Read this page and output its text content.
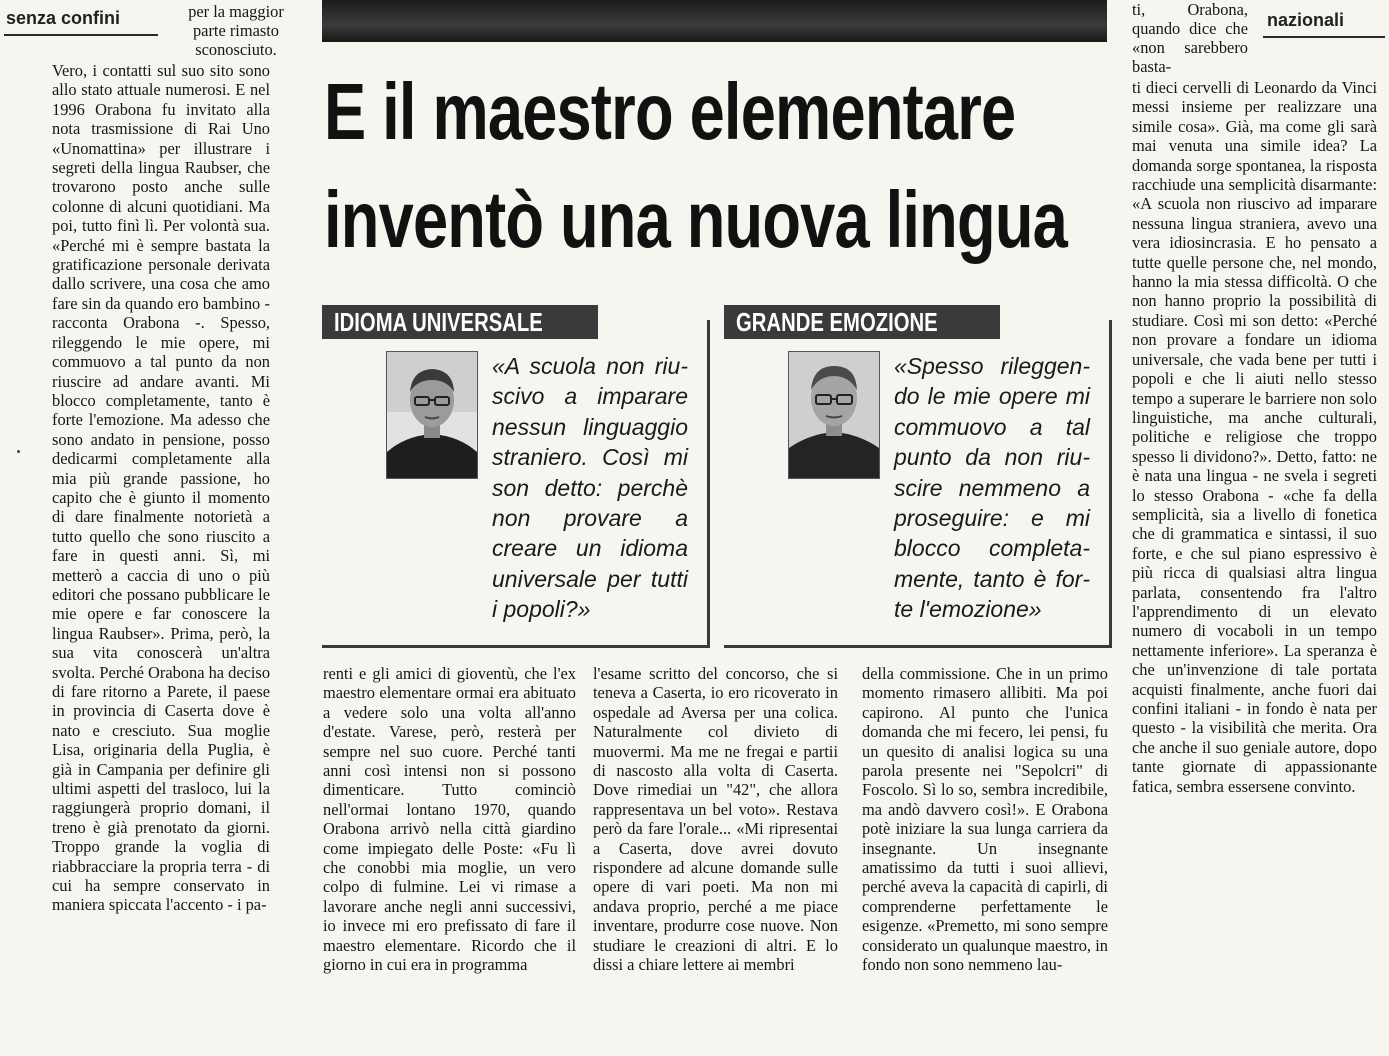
senza confini	nazionali
E il maestro elementare
inventò una nuova lingua

per la maggior parte rimasto sconosciuto.

Vero, i contatti sul suo sito sono allo stato attuale numerosi. E nel 1996 Orabona fu invitato alla nota trasmissione di Rai Uno «Unomattina» per illustrare i segreti della lingua Raubser, che trovarono posto anche sulle colonne di alcuni quotidiani. Ma poi, tutto finì lì. Per volontà sua. «Perché mi è sempre bastata la gratificazione personale derivata dallo scrivere, una cosa che amo fare sin da quando ero bambino - racconta Orabona -. Spesso, rileggendo le mie opere, mi commuovo a tal punto da non riuscire ad andare avanti. Mi blocco completamente, tanto è forte l'emozione. Ma adesso che sono andato in pensione, posso dedicarmi completamente alla mia più grande passione, ho capito che è giunto il momento di dare finalmente notorietà a tutto quello che sono riuscito a fare in questi anni. Sì, mi metterò a caccia di uno o più editori che possano pubblicare le mie opere e far conoscere la lingua Raubser». Prima, però, la sua vita conoscerà un'altra svolta. Perché Orabona ha deciso di fare ritorno a Parete, il paese in provincia di Caserta dove è nato e cresciuto. Sua moglie Lisa, originaria della Puglia, è già in Campania per definire gli ultimi aspetti del trasloco, lui la raggiungerà proprio domani, il treno è già prenotato da giorni. Troppo grande la voglia di riabbracciare la propria terra - di cui ha sempre conservato in maniera spiccata l'accento - i pa-

IDIOMA UNIVERSALE

«A scuola non riuscivo a imparare nessun linguaggio straniero. Così mi son detto: perchè non provare a creare un idioma universale per tutti i popoli?»

GRANDE EMOZIONE

«Spesso rileggendo le mie opere mi commuovo a tal punto da non riuscire nemmeno a proseguire: e mi blocco completamente, tanto è forte l'emozione»

renti e gli amici di gioventù, che l'ex maestro elementare ormai era abituato a vedere solo una volta all'anno d'estate. Varese, però, resterà per sempre nel suo cuore. Perché tanti anni così intensi non si possono dimenticare. Tutto cominciò nell'ormai lontano 1970, quando Orabona arrivò nella città giardino come impiegato delle Poste: «Fu lì che conobbi mia moglie, un vero colpo di fulmine. Lei vi rimase a lavorare anche negli anni successivi, io invece mi ero prefissato di fare il maestro elementare. Ricordo che il giorno in cui era in programma

l'esame scritto del concorso, che si teneva a Caserta, io ero ricoverato in ospedale ad Aversa per una colica. Naturalmente col divieto di muovermi. Ma me ne fregai e partii di nascosto alla volta di Caserta. Dove rimediai un "42", che allora rappresentava un bel voto». Restava però da fare l'orale... «Mi ripresentai a Caserta, dove avrei dovuto rispondere ad alcune domande sulle opere di vari poeti. Ma non mi andava proprio, perché a me piace inventare, produrre cose nuove. Non studiare le creazioni di altri. E lo dissi a chiare lettere ai membri

della commissione. Che in un primo momento rimasero allibiti. Ma poi capirono. Al punto che l'unica domanda che mi fecero, lei pensi, fu un quesito di analisi logica su una parola presente nei "Sepolcri" di Foscolo. Sì lo so, sembra incredibile, ma andò davvero così!». E Orabona potè iniziare la sua lunga carriera da insegnante. Un insegnante amatissimo da tutti i suoi allievi, perché aveva la capacità di capirli, di comprenderne perfettamente le esigenze. «Premetto, mi sono sempre considerato un qualunque maestro, in fondo non sono nemmeno lau-

ti, Orabona, quando dice che «non sarebbero basta-

ti dieci cervelli di Leonardo da Vinci messi insieme per realizzare una simile cosa». Già, ma come gli sarà mai venuta una simile idea? La domanda sorge spontanea, la risposta racchiude una semplicità disarmante: «A scuola non riuscivo ad imparare nessuna lingua straniera, avevo una vera idiosincrasia. E ho pensato a tutte quelle persone che, nel mondo, hanno la mia stessa difficoltà. O che non hanno proprio la possibilità di studiare. Così mi son detto: «Perché non provare a fondare un idioma universale, che vada bene per tutti i popoli e che li aiuti nello stesso tempo a superare le barriere non solo linguistiche, ma anche culturali, politiche e religiose che troppo spesso li dividono?». Detto, fatto: ne è nata una lingua - ne svela i segreti lo stesso Orabona - «che fa della semplicità, sia a livello di fonetica che di grammatica e sintassi, il suo forte, e che sul piano espressivo è più ricca di qualsiasi altra lingua parlata, consentendo fra l'altro l'apprendimento di un elevato numero di vocaboli in un tempo nettamente inferiore». La speranza è che un'invenzione di tale portata acquisti finalmente, anche fuori dai confini italiani - in fondo è nata per questo - la visibilità che merita. Ora che anche il suo geniale autore, dopo tante giornate di appassionante fatica, sembra essersene convinto.
